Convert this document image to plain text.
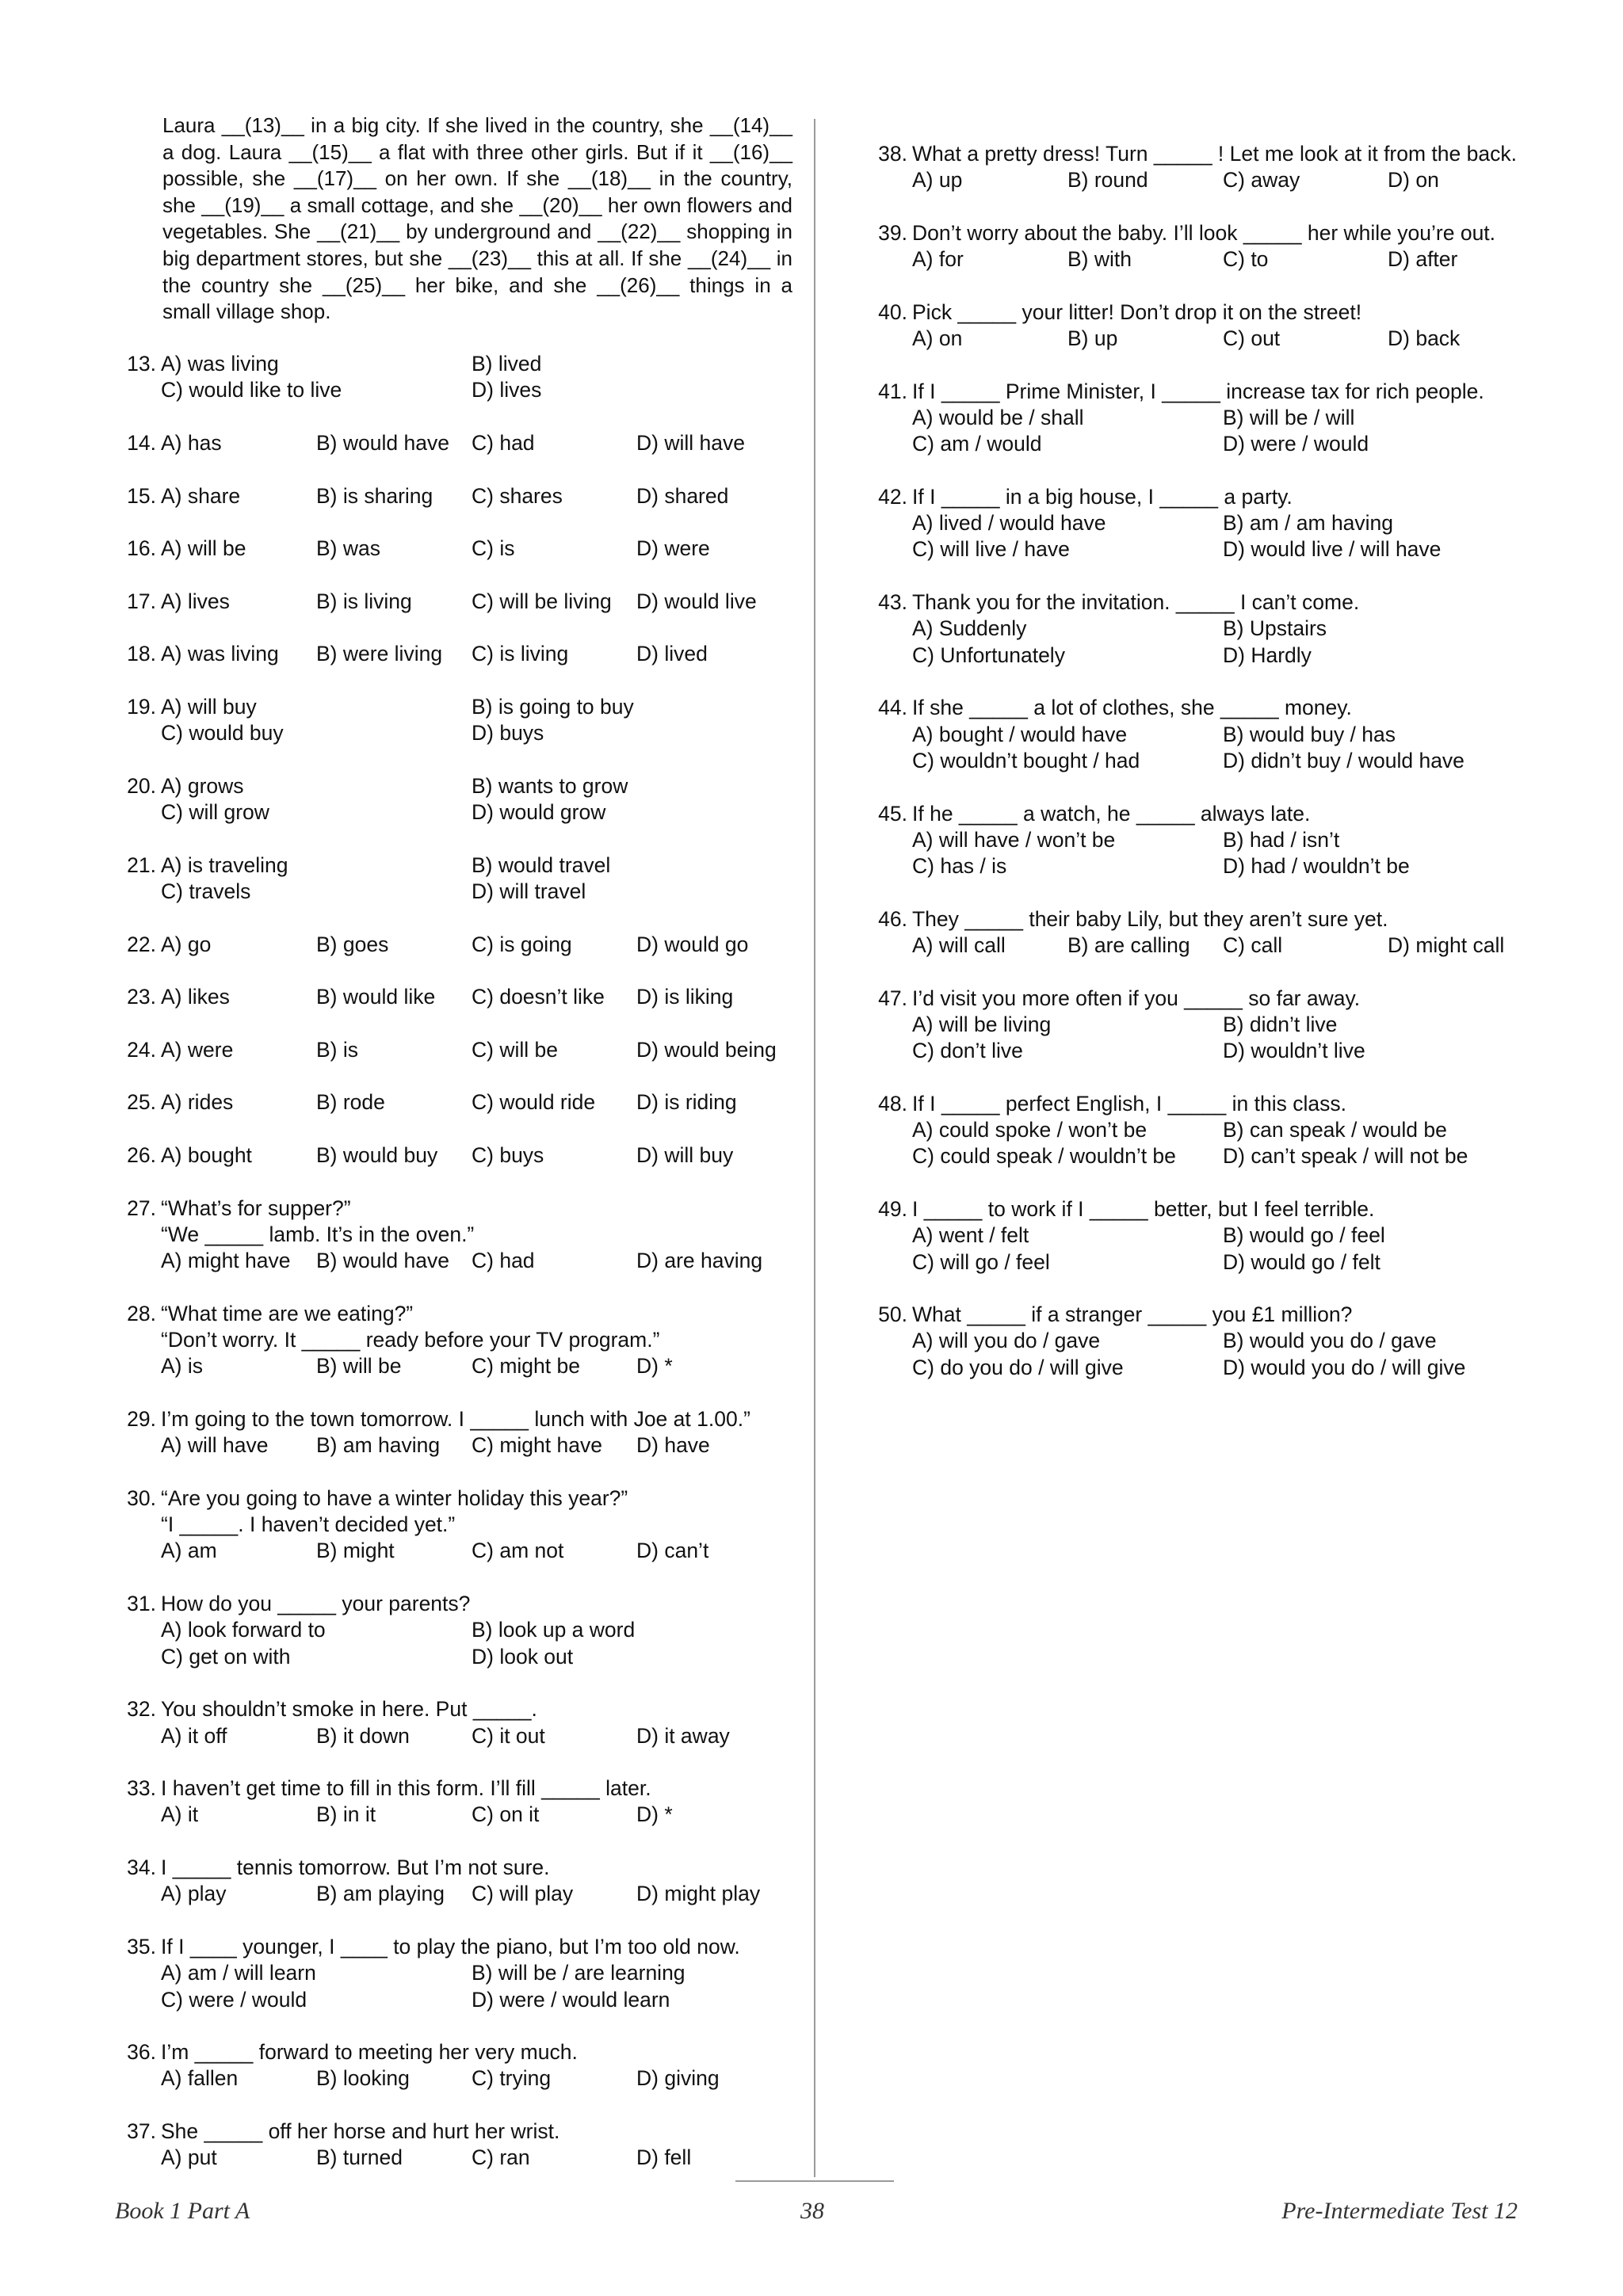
Laura __(13)__ in a big city. If she lived in the country, she __(14)__ a dog. Laura __(15)__ a flat with three other girls. But if it __(16)__ possible, she __(17)__ on her own. If she __(18)__ in the country, she __(19)__ a small cottage, and she __(20)__ her own flowers and vegetables. She __(21)__ by underground and __(22)__ shopping in big department stores, but she __(23)__ this at all. If she __(24)__ in the country she __(25)__ her bike, and she __(26)__ things in a small village shop.
13. A) was living	B) lived
C) would like to live	D) lives
14. A) has	B) would have C) had	D) will have
15. A) share	B) is sharing C) shares	D) shared
16. A) will be	B) was	C) is	D) were
17. A) lives	B) is living	C) will be living D) would live
18. A) was living B) were living C) is living	D) lived
19. A) will buy	B) is going to buy
C) would buy	D) buys
20. A) grows	B) wants to grow
C) will grow	D) would grow
21. A) is traveling	B) would travel
C) travels	D) will travel
22. A) go	B) goes	C) is going	D) would go
23. A) likes	B) would like C) doesn’t like D) is liking
24. A) were	B) is	C) will be	D) would being
25. A) rides	B) rode	C) would ride D) is riding
26. A) bought	B) would buy C) buys	D) will buy
27. “What’s for supper?”
“We _____ lamb. It’s in the oven.”
A) might have B) would have C) had	D) are having
28. “What time are we eating?”
“Don’t worry. It _____ ready before your TV program.”
A) is	B) will be	C) might be	D) *
29. I’m going to the town tomorrow. I _____ lunch with Joe at 1.00.”
A) will have B) am having C) might have D) have
30. “Are you going to have a winter holiday this year?”
“I _____. I haven’t decided yet.”
A) am	B) might	C) am not	D) can’t
31. How do you _____ your parents?
A) look forward to	B) look up a word
C) get on with	D) look out
32. You shouldn’t smoke in here. Put _____.
A) it off	B) it down	C) it out	D) it away
33. I haven’t get time to fill in this form. I’ll fill _____ later.
A) it	B) in it	C) on it	D) *
34. I _____ tennis tomorrow. But I’m not sure.
A) play	B) am playing C) will play	D) might play
35. If I ____ younger, I ____ to play the piano, but I’m too old now.
A) am / will learn	B) will be / are learning
C) were / would	D) were / would learn
36. I’m _____ forward to meeting her very much.
A) fallen	B) looking	C) trying	D) giving
37. She _____ off her horse and hurt her wrist.
A) put	B) turned	C) ran	D) fell
38. What a pretty dress! Turn _____ ! Let me look at it from the back.
A) up	B) round	C) away	D) on
39. Don’t worry about the baby. I’ll look _____ her while you’re out.
A) for	B) with	C) to	D) after
40. Pick _____ your litter! Don’t drop it on the street!
A) on	B) up	C) out	D) back
41. If I _____ Prime Minister, I _____ increase tax for rich people.
A) would be / shall	B) will be / will
C) am / would	D) were / would
42. If I _____ in a big house, I _____ a party.
A) lived / would have	B) am / am having
C) will live / have	D) would live / will have
43. Thank you for the invitation. _____ I can’t come.
A) Suddenly	B) Upstairs
C) Unfortunately	D) Hardly
44. If she _____ a lot of clothes, she _____ money.
A) bought / would have	B) would buy / has
C) wouldn’t bought / had	D) didn’t buy / would have
45. If he _____ a watch, he _____ always late.
A) will have / won’t be	B) had / isn’t
C) has / is	D) had / wouldn’t be
46. They _____ their baby Lily, but they aren’t sure yet.
A) will call	B) are calling C) call	D) might call
47. I’d visit you more often if you _____ so far away.
A) will be living	B) didn’t live
C) don’t live	D) wouldn’t live
48. If I _____ perfect English, I _____ in this class.
A) could spoke / won’t be	B) can speak / would be
C) could speak / wouldn’t be D) can’t speak / will not be
49. I _____ to work if I _____ better, but I feel terrible.
A) went / felt	B) would go / feel
C) will go / feel	D) would go / felt
50. What _____ if a stranger _____ you £1 million?
A) will you do / gave	B) would you do / gave
C) do you do / will give	D) would you do / will give
Book 1 Part A	38	Pre-Intermediate Test 12
